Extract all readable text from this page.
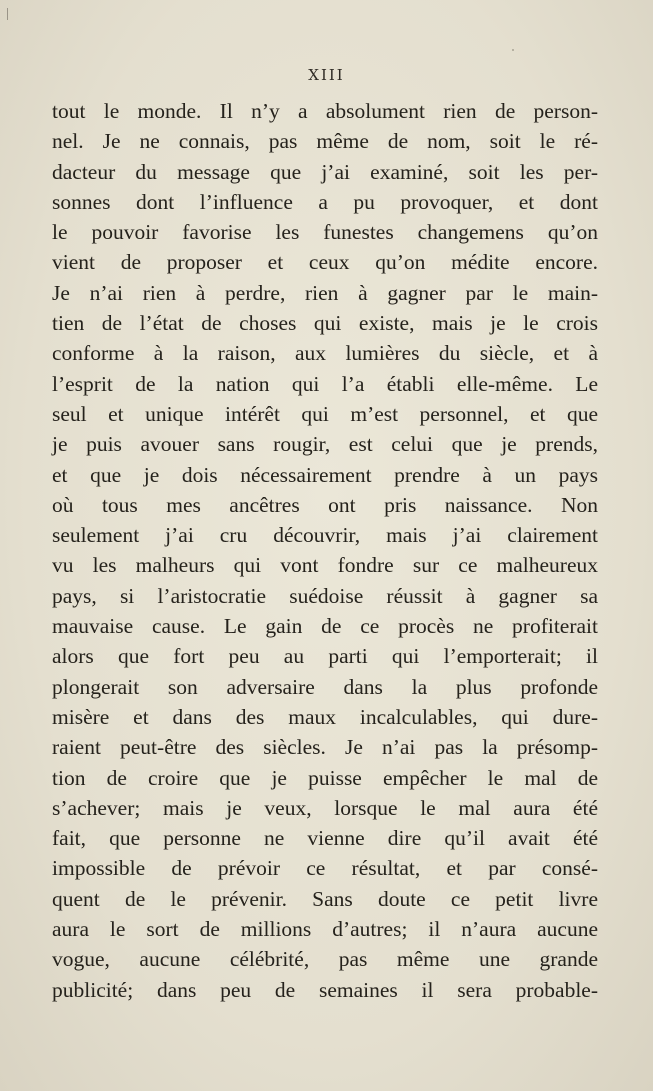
XIII
tout le monde. Il n’y a absolument rien de person-
nel. Je ne connais, pas même de nom, soit le ré-
dacteur du message que j’ai examiné, soit les per-
sonnes dont l’influence a pu provoquer, et dont
le pouvoir favorise les funestes changemens qu’on
vient de proposer et ceux qu’on médite encore.
Je n’ai rien à perdre, rien à gagner par le main-
tien de l’état de choses qui existe, mais je le crois
conforme à la raison, aux lumières du siècle, et à
l’esprit de la nation qui l’a établi elle-même. Le
seul et unique intérêt qui m’est personnel, et que
je puis avouer sans rougir, est celui que je prends,
et que je dois nécessairement prendre à un pays
où tous mes ancêtres ont pris naissance. Non
seulement j’ai cru découvrir, mais j’ai clairement
vu les malheurs qui vont fondre sur ce malheureux
pays, si l’aristocratie suédoise réussit à gagner sa
mauvaise cause. Le gain de ce procès ne profiterait
alors que fort peu au parti qui l’emporterait; il
plongerait son adversaire dans la plus profonde
misère et dans des maux incalculables, qui dure-
raient peut-être des siècles. Je n’ai pas la présomp-
tion de croire que je puisse empêcher le mal de
s’achever; mais je veux, lorsque le mal aura été
fait, que personne ne vienne dire qu’il avait été
impossible de prévoir ce résultat, et par consé-
quent de le prévenir. Sans doute ce petit livre
aura le sort de millions d’autres; il n’aura aucune
vogue, aucune célébrité, pas même une grande
publicité; dans peu de semaines il sera probable-
